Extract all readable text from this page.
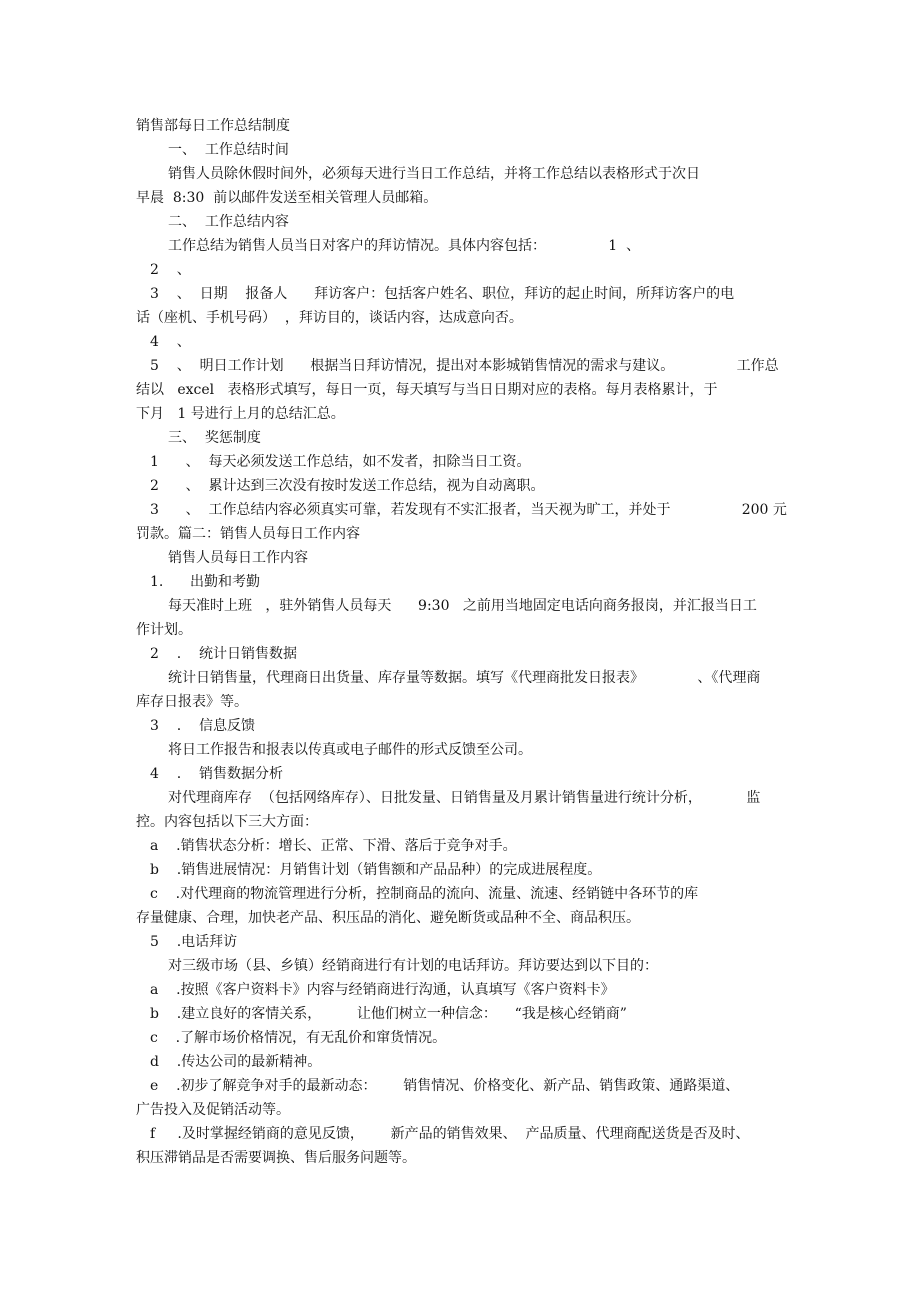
销售部每日工作总结制度

一、  工作总结时间

销售人员除休假时间外，必须每天进行当日工作总结，并将工作总结以表格形式于次日

早晨  8:30  前以邮件发送至相关管理人员邮箱。

二、  工作总结内容

工作总结为销售人员当日对客户的拜访情况。具体内容包括：              1  、

2    、

3    、  日期    报备人      拜访客户：包括客户姓名、职位，拜访的起止时间，所拜访客户的电

话（座机、手机号码）  ，拜访目的，谈话内容，达成意向否。

4    、

5    、  明日工作计划      根据当日拜访情况，提出对本影城销售情况的需求与建议。              工作总

结以   excel   表格形式填写，每日一页，每天填写与当日日期对应的表格。每月表格累计，于

下月   1 号进行上月的总结汇总。

三、  奖惩制度

1      、  每天必须发送工作总结，如不发者，扣除当日工资。

2      、  累计达到三次没有按时发送工作总结，视为自动离职。

3      、  工作总结内容必须真实可靠，若发现有不实汇报者，当天视为旷工，并处于                200 元

罚款。篇二：销售人员每日工作内容

销售人员每日工作内容

1.      出勤和考勤

每天准时上班   ，驻外销售人员每天      9:30   之前用当地固定电话向商务报岗，并汇报当日工

作计划。

2    .    统计日销售数据

统计日销售量，代理商日出货量、库存量等数据。填写《代理商批发日报表》            、《代理商

库存日报表》等。

3    .    信息反馈

将日工作报告和报表以传真或电子邮件的形式反馈至公司。

4    .    销售数据分析

对代理商库存  （包括网络库存）、日批发量、日销售量及月累计销售量进行统计分析，          监

控。内容包括以下三大方面：

a    .销售状态分析：增长、正常、下滑、落后于竞争对手。

b    .销售进展情况：月销售计划（销售额和产品品种）的完成进展程度。

c    .对代理商的物流管理进行分析，控制商品的流向、流量、流速、经销链中各环节的库

存量健康、合理，加快老产品、积压品的消化、避免断货或品种不全、商品积压。

5    .电话拜访

对三级市场（县、乡镇）经销商进行有计划的电话拜访。拜访要达到以下目的：

a    .按照《客户资料卡》内容与经销商进行沟通，认真填写《客户资料卡》

b    .建立良好的客情关系，        让他们树立一种信念：    “我是核心经销商”

c    .了解市场价格情况，有无乱价和窜货情况。

d    .传达公司的最新精神。

e    .初步了解竞争对手的最新动态：      销售情况、价格变化、新产品、销售政策、通路渠道、

广告投入及促销活动等。

f     .及时掌握经销商的意见反馈，      新产品的销售效果、  产品质量、代理商配送货是否及时、

积压滞销品是否需要调换、售后服务问题等。
